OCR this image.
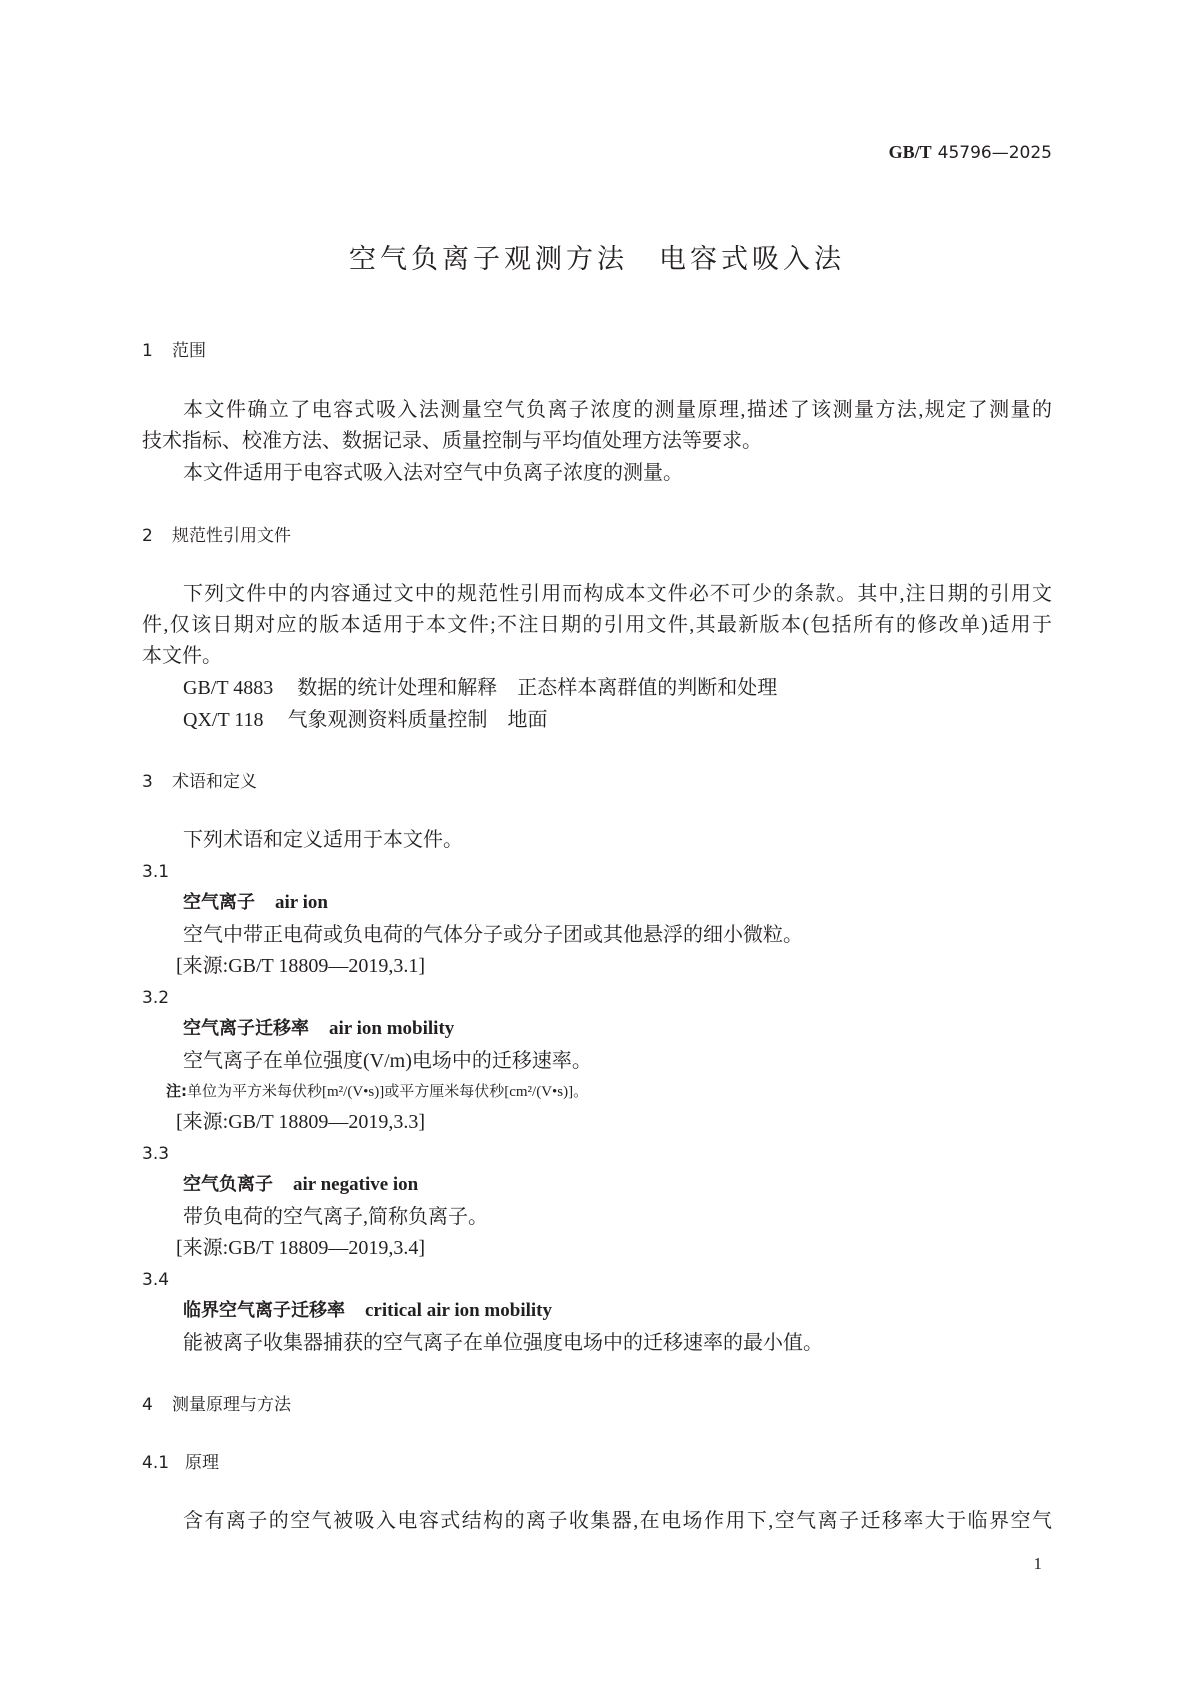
GB/T 45796—2025
空气负离子观测方法　电容式吸入法
1 范围
本文件确立了电容式吸入法测量空气负离子浓度的测量原理,描述了该测量方法,规定了测量的
技术指标、校准方法、数据记录、质量控制与平均值处理方法等要求。
本文件适用于电容式吸入法对空气中负离子浓度的测量。
2 规范性引用文件
下列文件中的内容通过文中的规范性引用而构成本文件必不可少的条款。其中,注日期的引用文
件,仅该日期对应的版本适用于本文件;不注日期的引用文件,其最新版本(包括所有的修改单)适用于
本文件。
GB/T 4883 数据的统计处理和解释　正态样本离群值的判断和处理
QX/T 118 气象观测资料质量控制　地面
3 术语和定义
下列术语和定义适用于本文件。
3.1
空气离子 air ion
空气中带正电荷或负电荷的气体分子或分子团或其他悬浮的细小微粒。
[来源:GB/T 18809—2019,3.1]
3.2
空气离子迁移率 air ion mobility
空气离子在单位强度(V/m)电场中的迁移速率。
注:单位为平方米每伏秒[m²/(V•s)]或平方厘米每伏秒[cm²/(V•s)]。
[来源:GB/T 18809—2019,3.3]
3.3
空气负离子 air negative ion
带负电荷的空气离子,简称负离子。
[来源:GB/T 18809—2019,3.4]
3.4
临界空气离子迁移率 critical air ion mobility
能被离子收集器捕获的空气离子在单位强度电场中的迁移速率的最小值。
4 测量原理与方法
4.1 原理
含有离子的空气被吸入电容式结构的离子收集器,在电场作用下,空气离子迁移率大于临界空气
1
